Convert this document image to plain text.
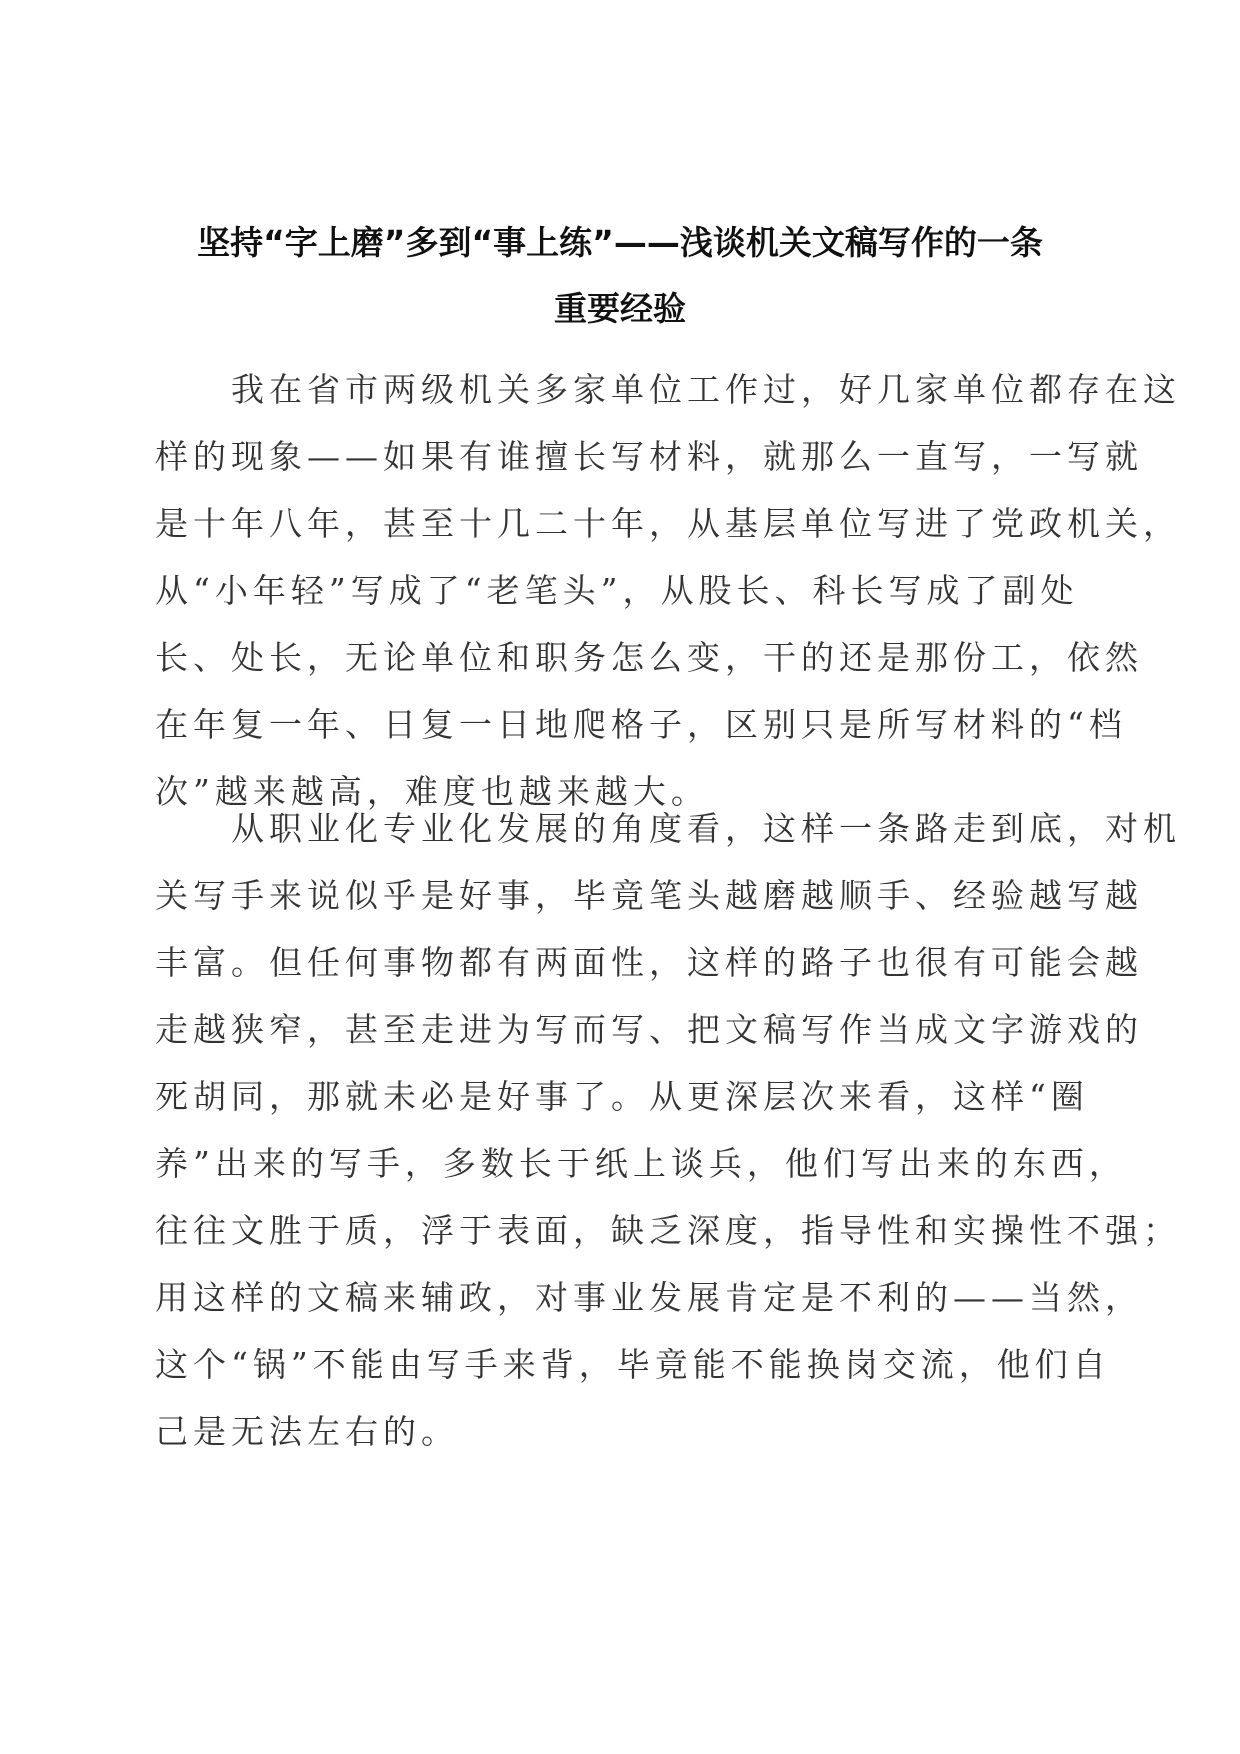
坚持“字上磨”多到“事上练”——浅谈机关文稿写作的一条
重要经验
　　我在省市两级机关多家单位工作过，好几家单位都存在这
样的现象——如果有谁擅长写材料，就那么一直写，一写就
是十年八年，甚至十几二十年，从基层单位写进了党政机关，
从“小年轻”写成了“老笔头”，从股长、科长写成了副处
长、处长，无论单位和职务怎么变，干的还是那份工，依然
在年复一年、日复一日地爬格子，区别只是所写材料的“档
次”越来越高，难度也越来越大。
　　从职业化专业化发展的角度看，这样一条路走到底，对机
关写手来说似乎是好事，毕竟笔头越磨越顺手、经验越写越
丰富。但任何事物都有两面性，这样的路子也很有可能会越
走越狭窄，甚至走进为写而写、把文稿写作当成文字游戏的
死胡同，那就未必是好事了。从更深层次来看，这样“圈
养”出来的写手，多数长于纸上谈兵，他们写出来的东西，
往往文胜于质，浮于表面，缺乏深度，指导性和实操性不强；
用这样的文稿来辅政，对事业发展肯定是不利的——当然，
这个“锅”不能由写手来背，毕竟能不能换岗交流，他们自
己是无法左右的。
